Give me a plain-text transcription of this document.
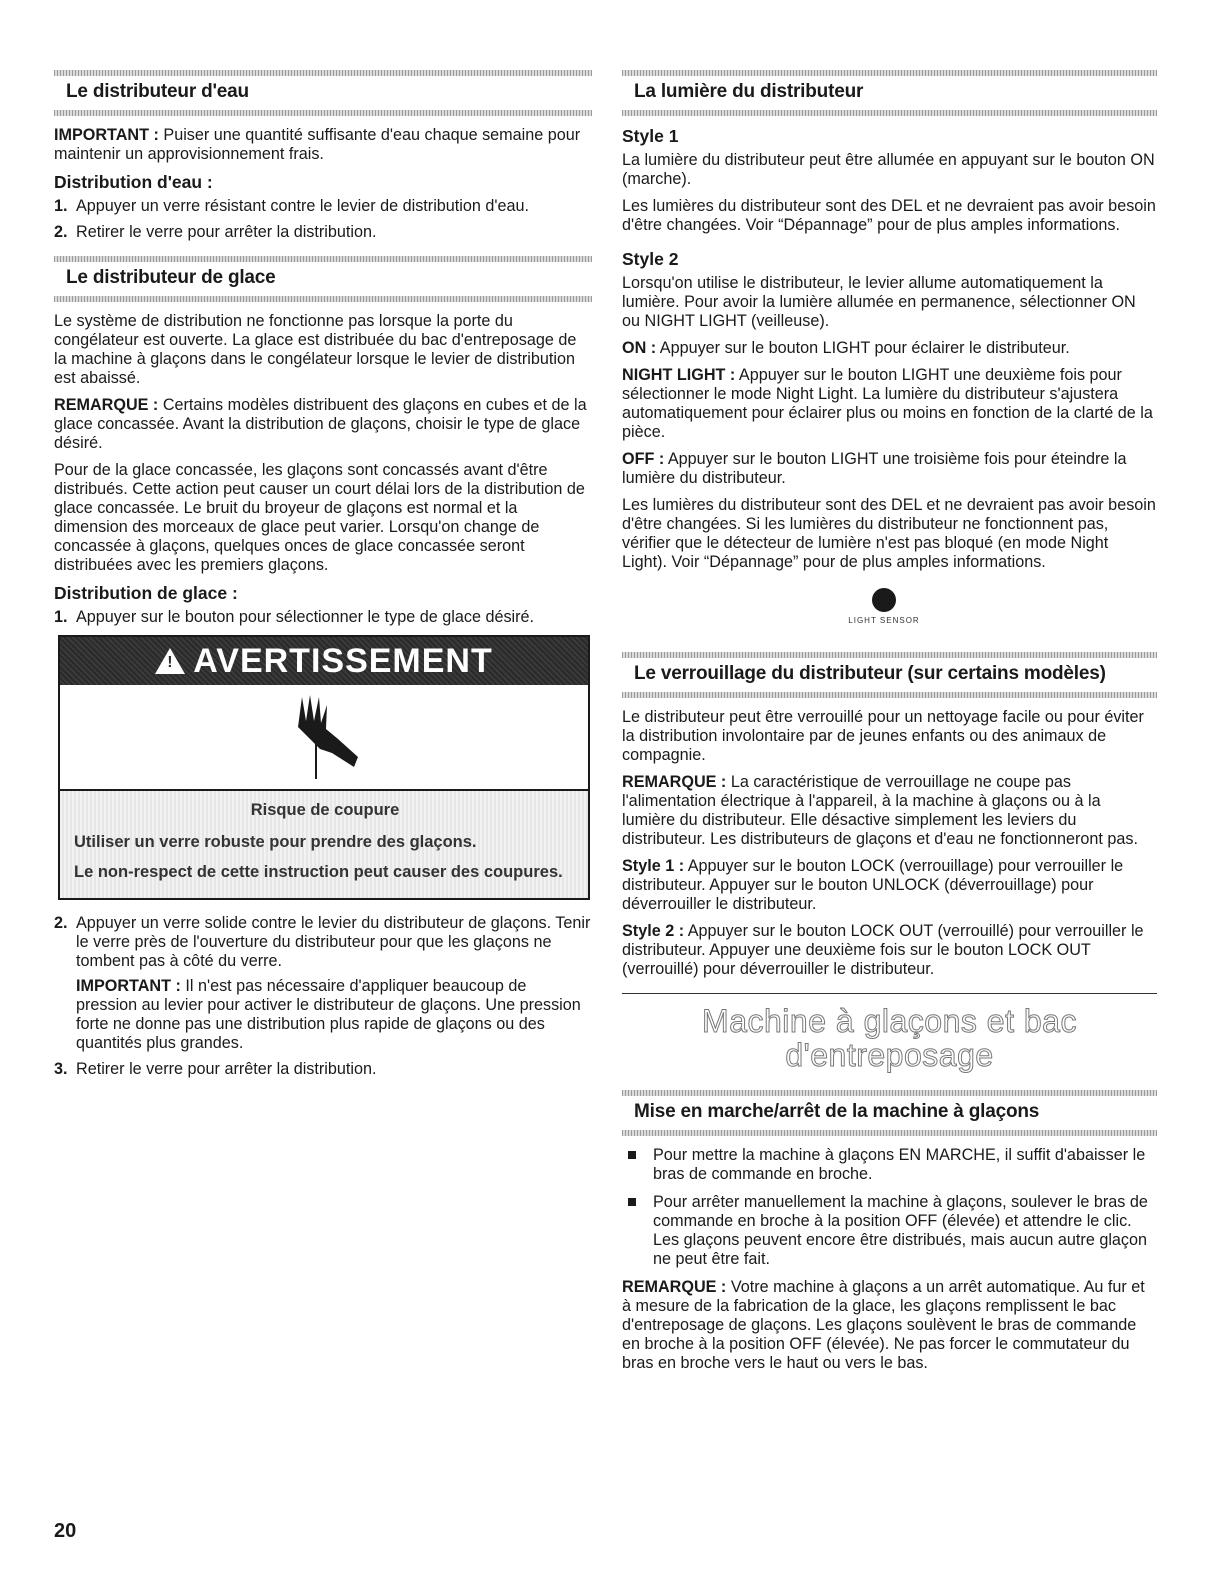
Le distributeur d'eau

IMPORTANT : Puiser une quantité suffisante d'eau chaque semaine pour maintenir un approvisionnement frais.

Distribution d'eau :
1. Appuyer un verre résistant contre le levier de distribution d'eau.
2. Retirer le verre pour arrêter la distribution.
Le distributeur de glace

Le système de distribution ne fonctionne pas lorsque la porte du congélateur est ouverte. La glace est distribuée du bac d'entreposage de la machine à glaçons dans le congélateur lorsque le levier de distribution est abaissé.

REMARQUE : Certains modèles distribuent des glaçons en cubes et de la glace concassée. Avant la distribution de glaçons, choisir le type de glace désiré.

Pour de la glace concassée, les glaçons sont concassés avant d'être distribués. Cette action peut causer un court délai lors de la distribution de glace concassée. Le bruit du broyeur de glaçons est normal et la dimension des morceaux de glace peut varier. Lorsqu'on change de concassée à glaçons, quelques onces de glace concassée seront distribuées avec les premiers glaçons.

Distribution de glace :
1. Appuyer sur le bouton pour sélectionner le type de glace désiré.
!
AVERTISSEMENT
Risque de coupure
Utiliser un verre robuste pour prendre des glaçons.
Le non-respect de cette instruction peut causer des coupures.
2. Appuyer un verre solide contre le levier du distributeur de glaçons. Tenir le verre près de l'ouverture du distributeur pour que les glaçons ne tombent pas à côté du verre.

IMPORTANT : Il n'est pas nécessaire d'appliquer beaucoup de pression au levier pour activer le distributeur de glaçons. Une pression forte ne donne pas une distribution plus rapide de glaçons ou des quantités plus grandes.

3. Retirer le verre pour arrêter la distribution.
La lumière du distributeur
Style 1

La lumière du distributeur peut être allumée en appuyant sur le bouton ON (marche).

Les lumières du distributeur sont des DEL et ne devraient pas avoir besoin d'être changées. Voir “Dépannage” pour de plus amples informations.

Style 2

Lorsqu'on utilise le distributeur, le levier allume automatiquement la lumière. Pour avoir la lumière allumée en permanence, sélectionner ON ou NIGHT LIGHT (veilleuse).

ON : Appuyer sur le bouton LIGHT pour éclairer le distributeur.

NIGHT LIGHT : Appuyer sur le bouton LIGHT une deuxième fois pour sélectionner le mode Night Light. La lumière du distributeur s'ajustera automatiquement pour éclairer plus ou moins en fonction de la clarté de la pièce.

OFF : Appuyer sur le bouton LIGHT une troisième fois pour éteindre la lumière du distributeur.

Les lumières du distributeur sont des DEL et ne devraient pas avoir besoin d'être changées. Si les lumières du distributeur ne fonctionnent pas, vérifier que le détecteur de lumière n'est pas bloqué (en mode Night Light). Voir “Dépannage” pour de plus amples informations.

LIGHT SENSOR
Le verrouillage du distributeur (sur certains modèles)

Le distributeur peut être verrouillé pour un nettoyage facile ou pour éviter la distribution involontaire par de jeunes enfants ou des animaux de compagnie.

REMARQUE : La caractéristique de verrouillage ne coupe pas l'alimentation électrique à l'appareil, à la machine à glaçons ou à la lumière du distributeur. Elle désactive simplement les leviers du distributeur. Les distributeurs de glaçons et d'eau ne fonctionneront pas.

Style 1 : Appuyer sur le bouton LOCK (verrouillage) pour verrouiller le distributeur. Appuyer sur le bouton UNLOCK (déverrouillage) pour déverrouiller le distributeur.

Style 2 : Appuyer sur le bouton LOCK OUT (verrouillé) pour verrouiller le distributeur. Appuyer une deuxième fois sur le bouton LOCK OUT (verrouillé) pour déverrouiller le distributeur.

Machine à glaçons et bac
d'entreposage
Mise en marche/arrêt de la machine à glaçons
Pour mettre la machine à glaçons EN MARCHE, il suffit d'abaisser le bras de commande en broche.
Pour arrêter manuellement la machine à glaçons, soulever le bras de commande en broche à la position OFF (élevée) et attendre le clic. Les glaçons peuvent encore être distribués, mais aucun autre glaçon ne peut être fait.

REMARQUE : Votre machine à glaçons a un arrêt automatique. Au fur et à mesure de la fabrication de la glace, les glaçons remplissent le bac d'entreposage de glaçons. Les glaçons soulèvent le bras de commande en broche à la position OFF (élevée). Ne pas forcer le commutateur du bras en broche vers le haut ou vers le bas.

20
